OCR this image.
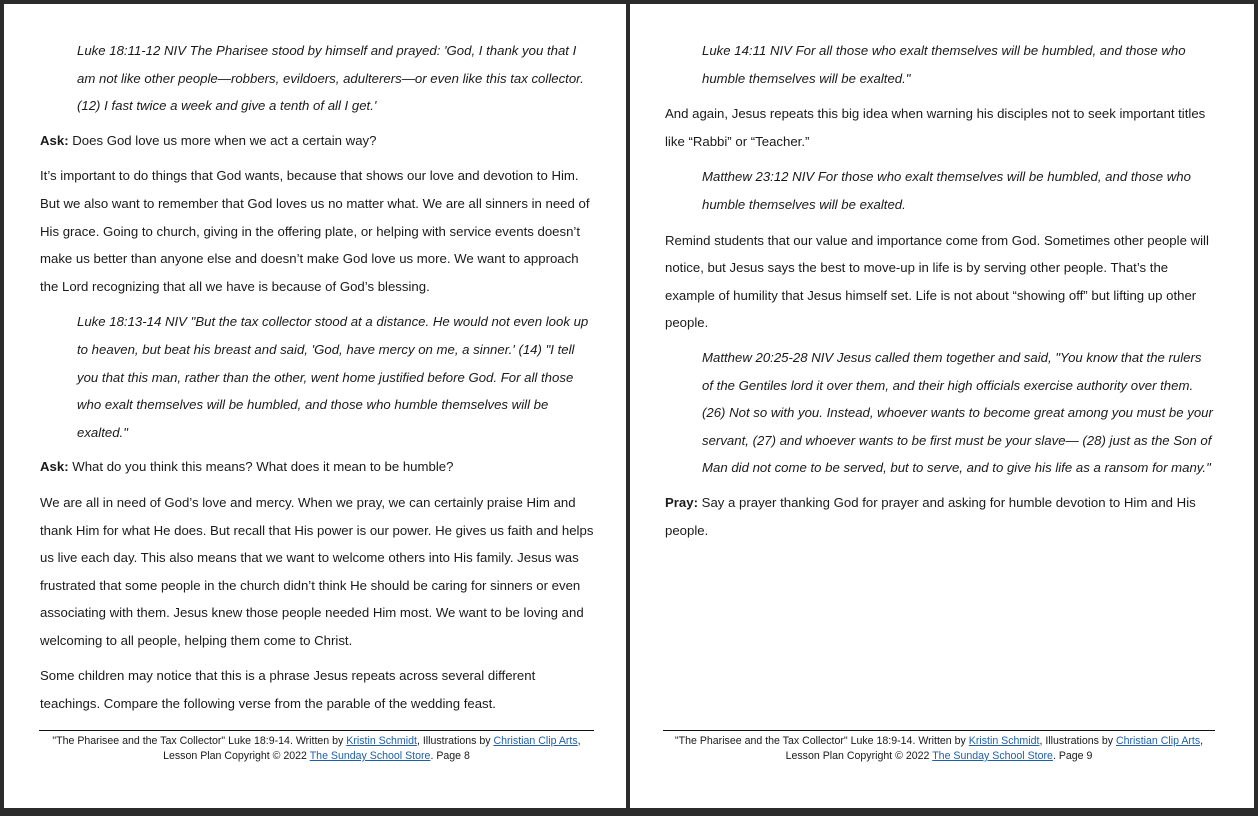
Luke 18:11-12 NIV The Pharisee stood by himself and prayed: 'God, I thank you that I am not like other people—robbers, evildoers, adulterers—or even like this tax collector. (12) I fast twice a week and give a tenth of all I get.'

Ask: Does God love us more when we act a certain way?

It’s important to do things that God wants, because that shows our love and devotion to Him. But we also want to remember that God loves us no matter what. We are all sinners in need of His grace. Going to church, giving in the offering plate, or helping with service events doesn’t make us better than anyone else and doesn’t make God love us more. We want to approach the Lord recognizing that all we have is because of God’s blessing.

Luke 18:13-14 NIV "But the tax collector stood at a distance. He would not even look up to heaven, but beat his breast and said, 'God, have mercy on me, a sinner.' (14) "I tell you that this man, rather than the other, went home justified before God. For all those who exalt themselves will be humbled, and those who humble themselves will be exalted."

Ask: What do you think this means? What does it mean to be humble?

We are all in need of God’s love and mercy. When we pray, we can certainly praise Him and thank Him for what He does. But recall that His power is our power. He gives us faith and helps us live each day. This also means that we want to welcome others into His family. Jesus was frustrated that some people in the church didn’t think He should be caring for sinners or even associating with them. Jesus knew those people needed Him most. We want to be loving and welcoming to all people, helping them come to Christ.

Some children may notice that this is a phrase Jesus repeats across several different teachings. Compare the following verse from the parable of the wedding feast.

"The Pharisee and the Tax Collector" Luke 18:9-14. Written by Kristin Schmidt, Illustrations by Christian Clip Arts, Lesson Plan Copyright © 2022 The Sunday School Store. Page 8

Luke 14:11 NIV For all those who exalt themselves will be humbled, and those who humble themselves will be exalted."

And again, Jesus repeats this big idea when warning his disciples not to seek important titles like “Rabbi” or “Teacher.”

Matthew 23:12 NIV For those who exalt themselves will be humbled, and those who humble themselves will be exalted.

Remind students that our value and importance come from God. Sometimes other people will notice, but Jesus says the best to move-up in life is by serving other people. That’s the example of humility that Jesus himself set. Life is not about “showing off” but lifting up other people.

Matthew 20:25-28 NIV Jesus called them together and said, "You know that the rulers of the Gentiles lord it over them, and their high officials exercise authority over them. (26) Not so with you. Instead, whoever wants to become great among you must be your servant, (27) and whoever wants to be first must be your slave— (28) just as the Son of Man did not come to be served, but to serve, and to give his life as a ransom for many."

Pray: Say a prayer thanking God for prayer and asking for humble devotion to Him and His people.

"The Pharisee and the Tax Collector" Luke 18:9-14. Written by Kristin Schmidt, Illustrations by Christian Clip Arts, Lesson Plan Copyright © 2022 The Sunday School Store. Page 9
